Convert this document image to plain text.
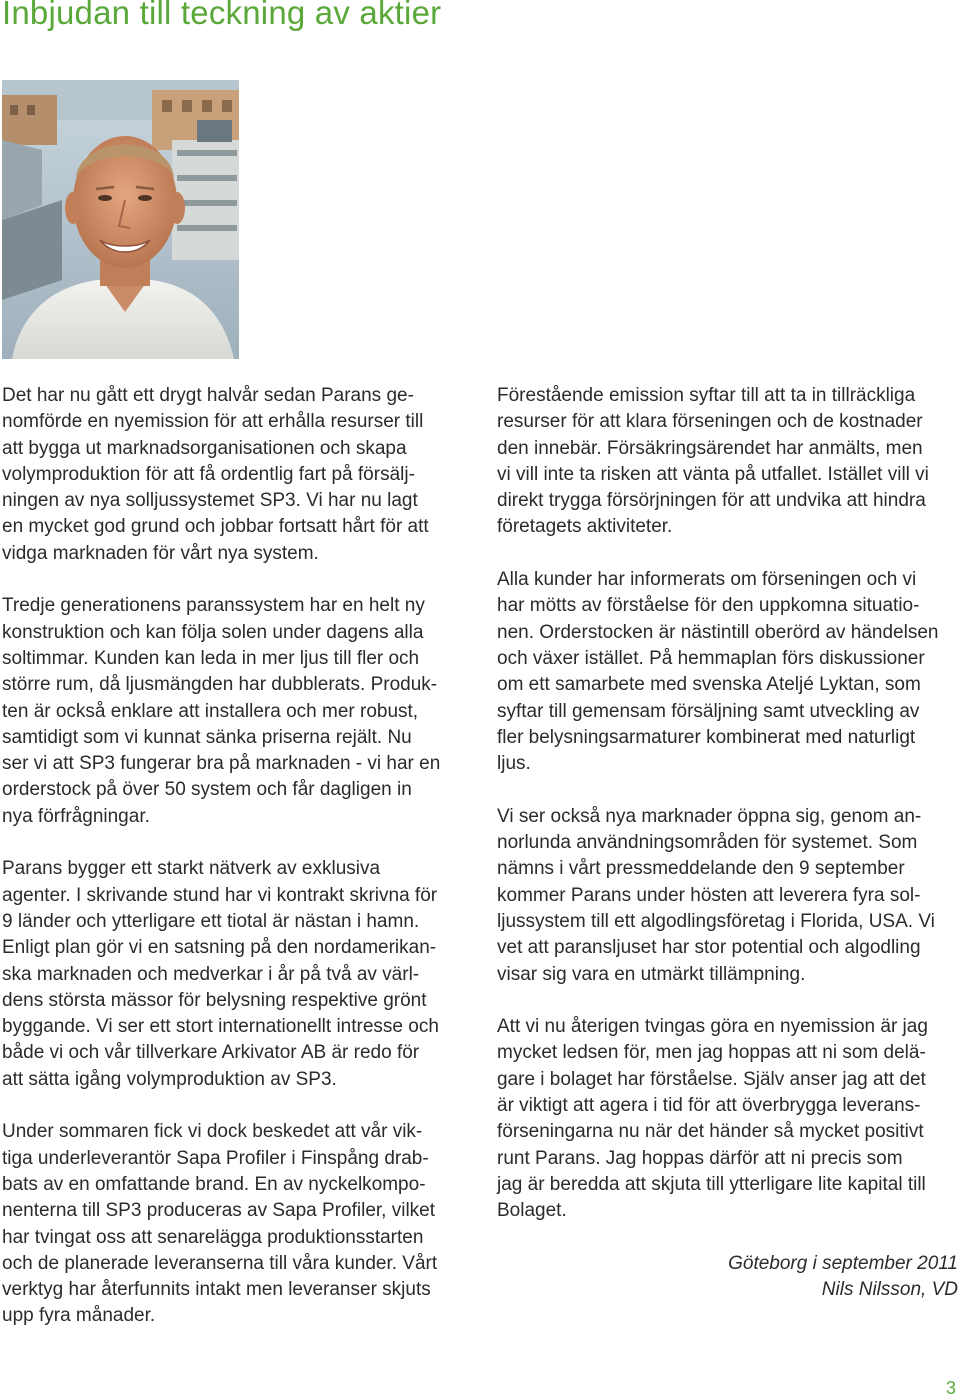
Inbjudan till teckning av aktier

Det har nu gått ett drygt halvår sedan Parans ge-
nomförde en nyemission för att erhålla resurser till
att bygga ut marknadsorganisationen och skapa
volymproduktion för att få ordentlig fart på försälj-
ningen av nya solljussystemet SP3. Vi har nu lagt
en mycket god grund och jobbar fortsatt hårt för att
vidga marknaden för vårt nya system.

Tredje generationens paranssystem har en helt ny
konstruktion och kan följa solen under dagens alla
soltimmar. Kunden kan leda in mer ljus till fler och
större rum, då ljusmängden har dubblerats. Produk-
ten är också enklare att installera och mer robust,
samtidigt som vi kunnat sänka priserna rejält. Nu
ser vi att SP3 fungerar bra på marknaden - vi har en
orderstock på över 50 system och får dagligen in
nya förfrågningar.

Parans bygger ett starkt nätverk av exklusiva
agenter. I skrivande stund har vi kontrakt skrivna för
9 länder och ytterligare ett tiotal är nästan i hamn.
Enligt plan gör vi en satsning på den nordamerikan-
ska marknaden och medverkar i år på två av värl-
dens största mässor för belysning respektive grönt
byggande. Vi ser ett stort internationellt intresse och
både vi och vår tillverkare Arkivator AB är redo för
att sätta igång volymproduktion av SP3.

Under sommaren fick vi dock beskedet att vår vik-
tiga underleverantör Sapa Profiler i Finspång drab-
bats av en omfattande brand. En av nyckelkompo-
nenterna till SP3 produceras av Sapa Profiler, vilket
har tvingat oss att senarelägga produktionsstarten
och de planerade leveranserna till våra kunder. Vårt
verktyg har återfunnits intakt men leveranser skjuts
upp fyra månader.

Förestående emission syftar till att ta in tillräckliga
resurser för att klara förseningen och de kostnader
den innebär. Försäkringsärendet har anmälts, men
vi vill inte ta risken att vänta på utfallet. Istället vill vi
direkt trygga försörjningen för att undvika att hindra
företagets aktiviteter.

Alla kunder har informerats om förseningen och vi
har mötts av förståelse för den uppkomna situatio-
nen. Orderstocken är nästintill oberörd av händelsen
och växer istället. På hemmaplan förs diskussioner
om ett samarbete med svenska Ateljé Lyktan, som
syftar till gemensam försäljning samt utveckling av
fler belysningsarmaturer kombinerat med naturligt
ljus.

Vi ser också nya marknader öppna sig, genom an-
norlunda användningsområden för systemet. Som
nämns i vårt pressmeddelande den 9 september
kommer Parans under hösten att leverera fyra sol-
ljussystem till ett algodlingsföretag i Florida, USA. Vi
vet att paransljuset har stor potential och algodling
visar sig vara en utmärkt tillämpning.

Att vi nu återigen tvingas göra en nyemission är jag
mycket ledsen för, men jag hoppas att ni som delä-
gare i bolaget har förståelse. Själv anser jag att det
är viktigt att agera i tid för att överbrygga leverans-
förseningarna nu när det händer så mycket positivt
runt Parans. Jag hoppas därför att ni precis som
jag är beredda att skjuta till ytterligare lite kapital till
Bolaget.

Göteborg i september 2011
Nils Nilsson, VD
3
